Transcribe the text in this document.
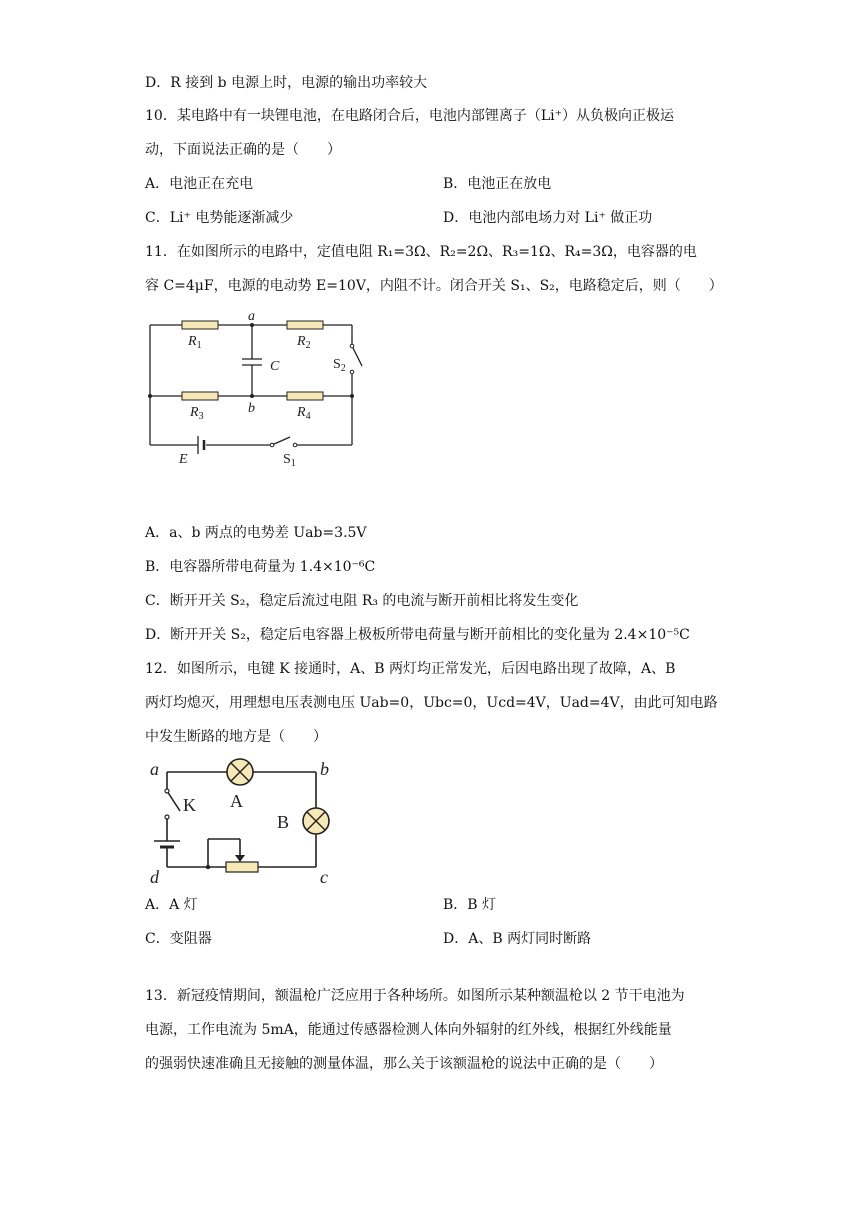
D．R 接到 b 电源上时，电源的输出功率较大
10．某电路中有一块锂电池，在电路闭合后，电池内部锂离子（Li⁺）从负极向正极运
动，下面说法正确的是（　　）
A．电池正在充电	B．电池正在放电
C．Li⁺ 电势能逐渐减少	D．电池内部电场力对 Li⁺ 做正功
11．在如图所示的电路中，定值电阻 R₁=3Ω、R₂=2Ω、R₃=1Ω、R₄=3Ω，电容器的电
容 C=4μF，电源的电动势 E=10V，内阻不计。闭合开关 S₁、S₂，电路稳定后，则（　　）
a
b
$R_1$	$R_2$
$R_3$	$R_4$
C	$S_2$
E	$S_1$
A．a、b 两点的电势差 Uab=3.5V
B．电容器所带电荷量为 1.4×10⁻⁶C
C．断开开关 S₂，稳定后流过电阻 R₃ 的电流与断开前相比将发生变化
D．断开开关 S₂，稳定后电容器上极板所带电荷量与断开前相比的变化量为 2.4×10⁻⁵C
12．如图所示，电键 K 接通时，A、B 两灯均正常发光，后因电路出现了故障，A、B
两灯均熄灭，用理想电压表测电压 Uab=0，Ubc=0，Ucd=4V，Uad=4V，由此可知电路
中发生断路的地方是（　　）
a	b
c
d
A
B
K
A．A 灯	B．B 灯
C．变阻器	D．A、B 两灯同时断路
13．新冠疫情期间，额温枪广泛应用于各种场所。如图所示某种额温枪以 2 节干电池为
电源，工作电流为 5mA，能通过传感器检测人体向外辐射的红外线，根据红外线能量
的强弱快速准确且无接触的测量体温，那么关于该额温枪的说法中正确的是（　　）
